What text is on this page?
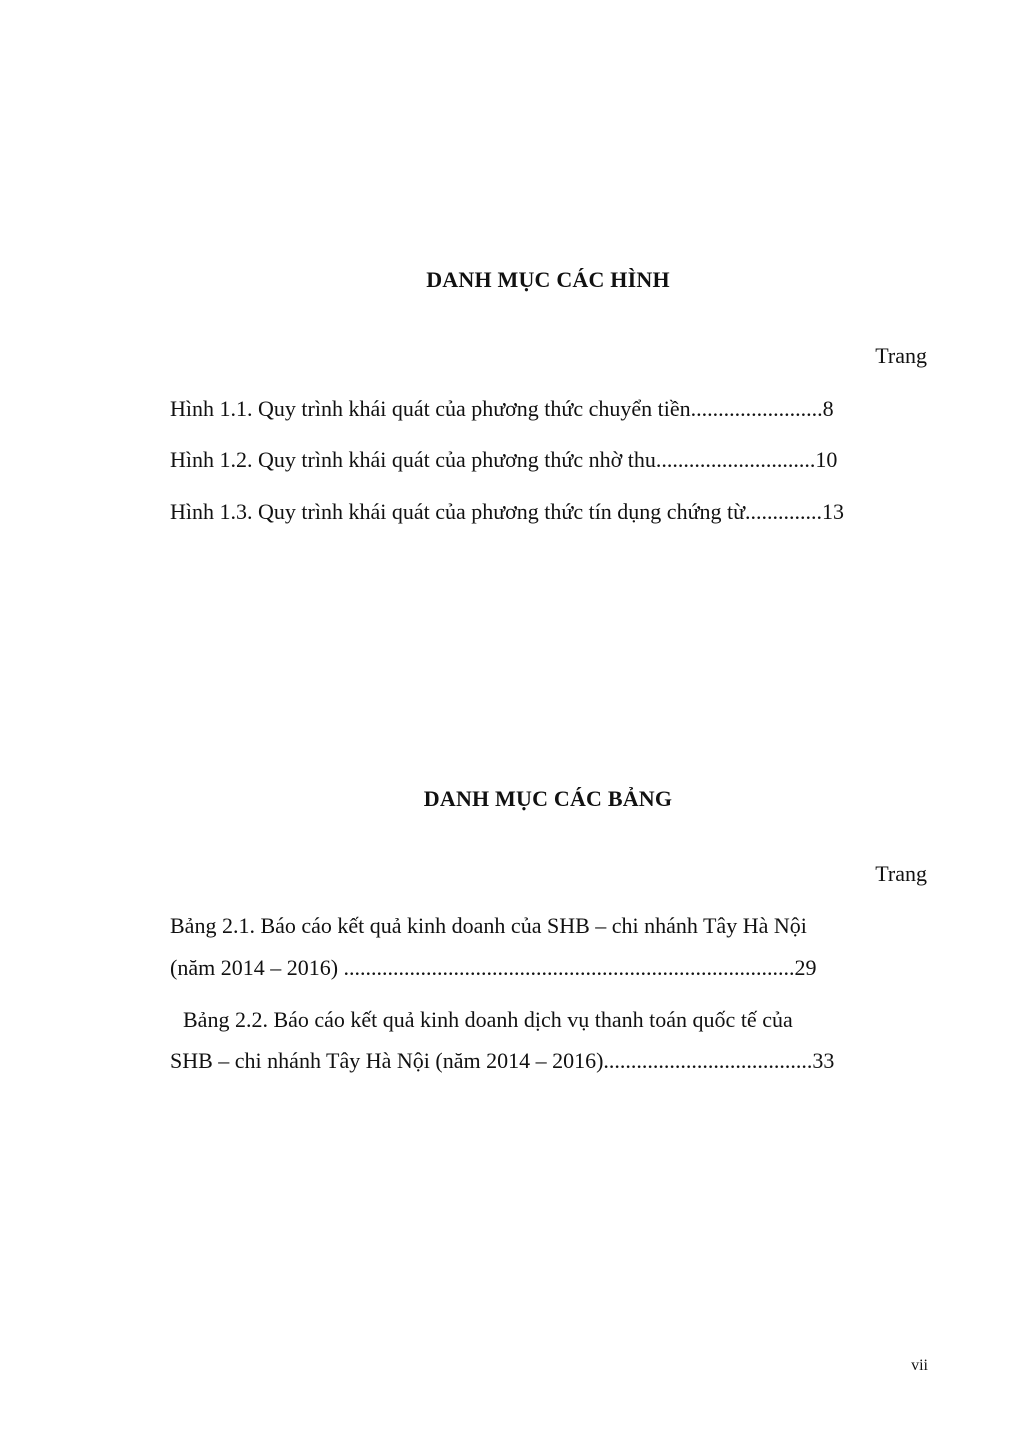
DANH MỤC CÁC HÌNH
Trang
Hình 1.1. Quy trình khái quát của phương thức chuyển tiền........................8
Hình 1.2. Quy trình khái quát của phương thức nhờ thu.............................10
Hình 1.3. Quy trình khái quát của phương thức tín dụng chứng từ..............13
DANH MỤC CÁC BẢNG
Trang
Bảng 2.1. Báo cáo kết quả kinh doanh của SHB – chi nhánh Tây Hà Nội
(năm 2014 – 2016) ..................................................................................29
Bảng 2.2. Báo cáo kết quả kinh doanh dịch vụ thanh toán quốc tế của
SHB – chi nhánh Tây Hà Nội (năm 2014 – 2016)......................................33
vii
